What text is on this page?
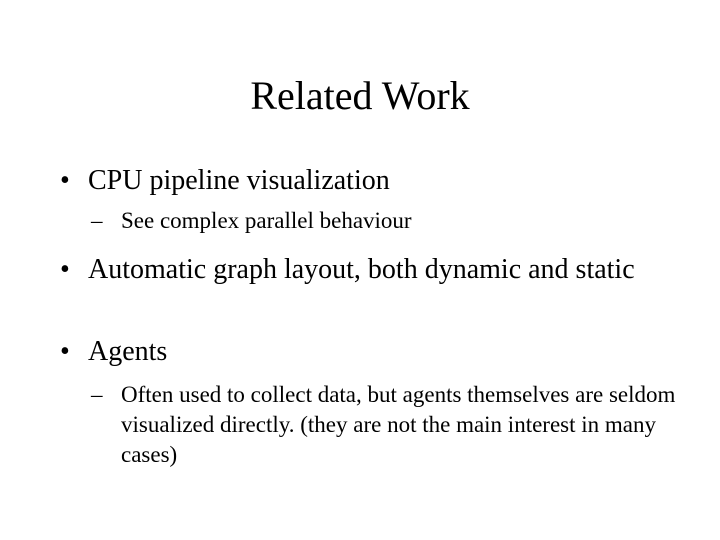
Related Work
• CPU pipeline visualization
– See complex parallel behaviour
• Automatic graph layout, both dynamic and static
• Agents
– Often used to collect data, but agents themselves are seldom visualized directly. (they are not the main interest in many cases)
